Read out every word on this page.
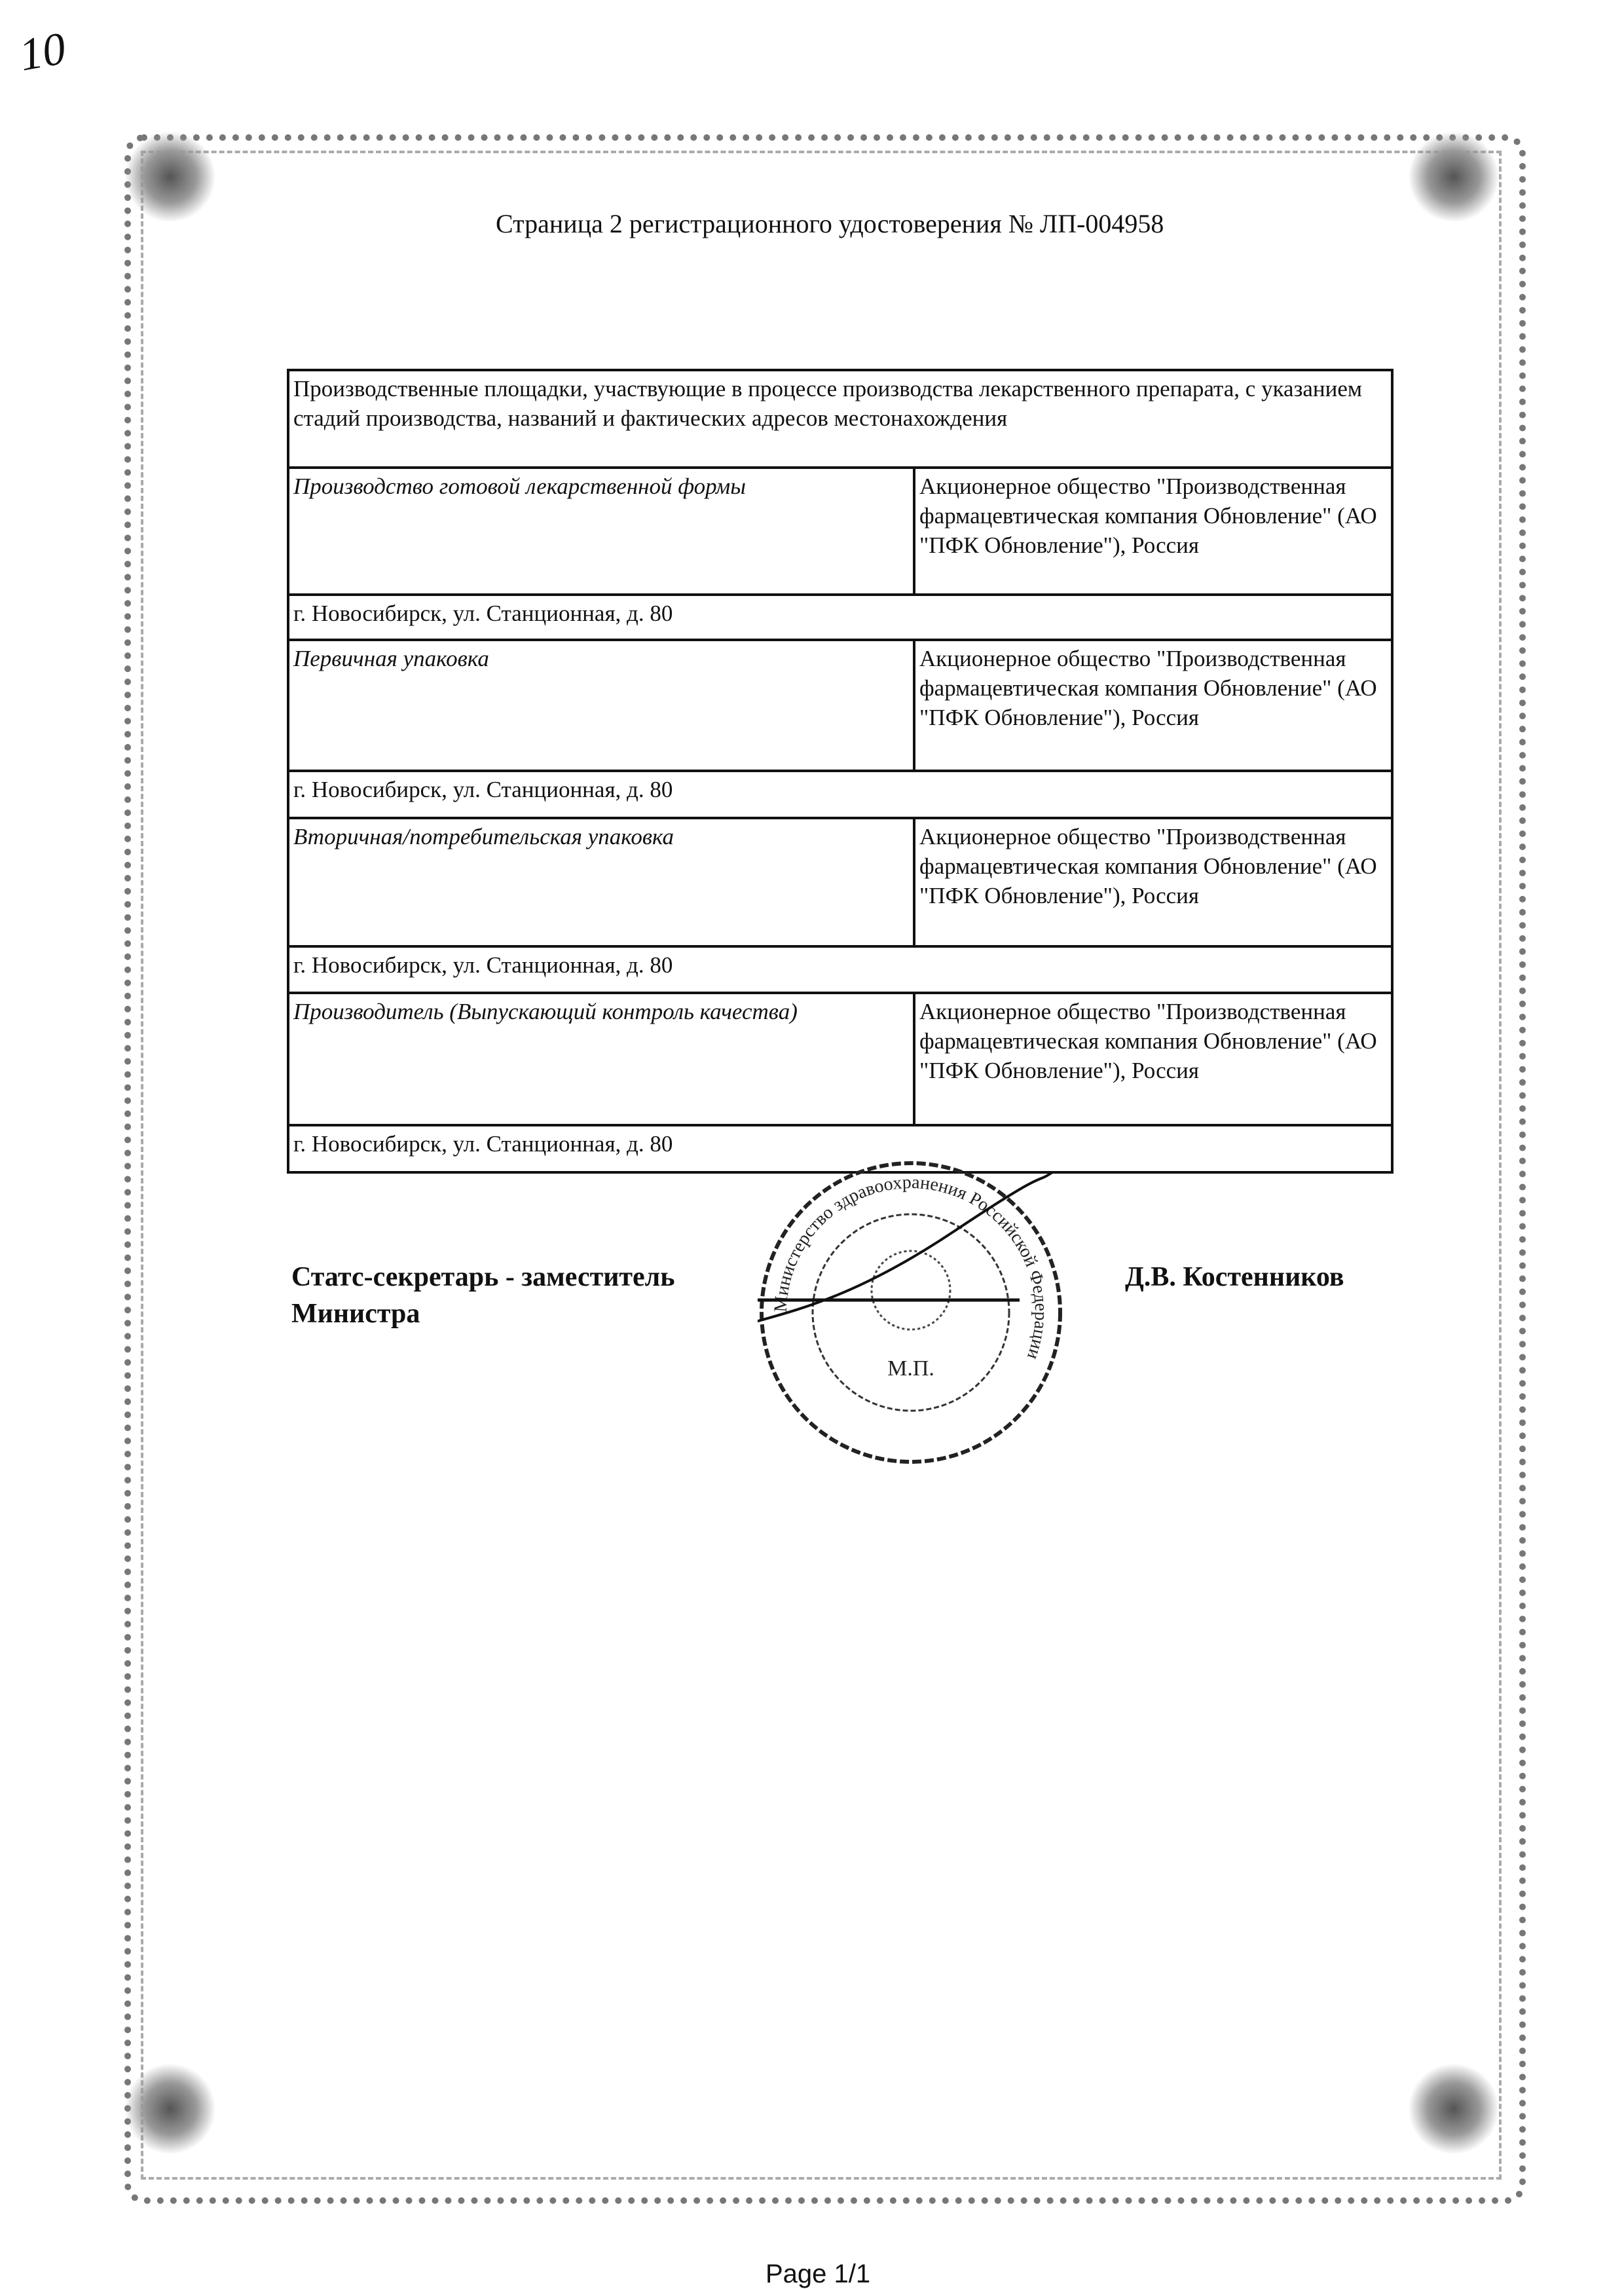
10
Страница 2 регистрационного удостоверения № ЛП-004958
Производственные площадки, участвующие в процессе производства лекарственного препарата, с указанием стадий производства, названий и фактических адресов местонахождения	
Производство готовой лекарственной формы	Акционерное общество "Производственная фармацевтическая компания Обновление" (АО "ПФК Обновление"), Россия
г. Новосибирск, ул. Станционная, д. 80	
Первичная упаковка	Акционерное общество "Производственная фармацевтическая компания Обновление" (АО "ПФК Обновление"), Россия
г. Новосибирск, ул. Станционная, д. 80	
Вторичная/потребительская упаковка	Акционерное общество "Производственная фармацевтическая компания Обновление" (АО "ПФК Обновление"), Россия
г. Новосибирск, ул. Станционная, д. 80	
Производитель (Выпускающий контроль качества)	Акционерное общество "Производственная фармацевтическая компания Обновление" (АО "ПФК Обновление"), Россия
г. Новосибирск, ул. Станционная, д. 80	
Статс-секретарь - заместитель
Министра
Д.В. Костенников
Министерство здравоохранения Российской Федерации
М.П.
Page 1/1
